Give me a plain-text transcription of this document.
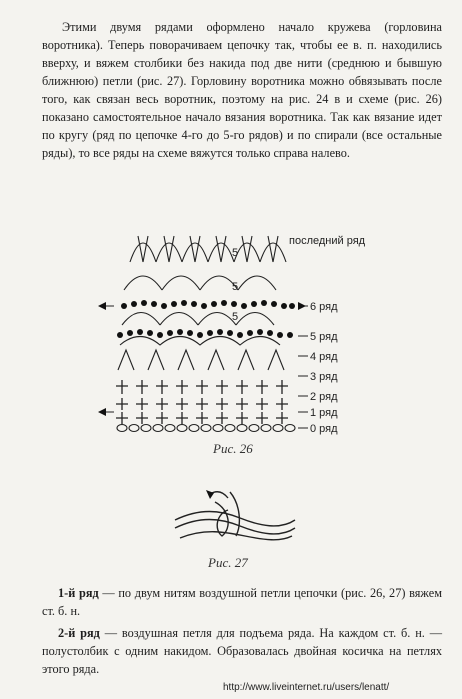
Этими двумя рядами оформлено начало кружева (горловина воротника). Теперь поворачиваем цепочку так, чтобы ее в. п. находились вверху, и вяжем столбики без накида под две нити (среднюю и бывшую ближнюю) петли (рис. 27). Горловину воротника можно обвязывать после того, как связан весь воротник, поэтому на рис. 24 в и схеме (рис. 26) показано самостоятельное начало вязания воротника. Так как вязание идет по кругу (ряд по цепочке 4-го до 5-го рядов) и по спирали (все остальные ряды), то все ряды на схеме вяжутся только справа налево.

5
5
5
последний ряд
6 ряд
5 ряд
4 ряд
3 ряд
2 ряд
1 ряд
0 ряд
Рис. 26
Рис. 27

1-й ряд — по двум нитям воздушной петли цепочки (рис. 26, 27) вяжем ст. б. н.

2-й ряд — воздушная петля для подъема ряда. На каждом ст. б. н. — полустолбик с одним накидом. Образовалась двойная косичка на петлях этого ряда.

http://www.liveinternet.ru/users/lenatt/
